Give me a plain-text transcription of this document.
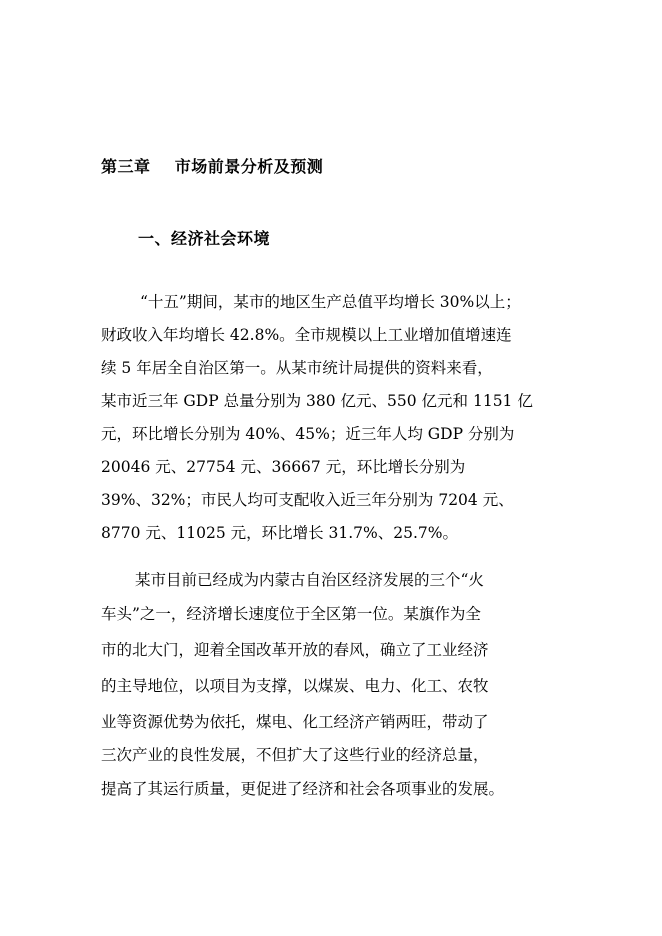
第三章    市场前景分析及预测
一、经济社会环境

“十五”期间，某市的地区生产总值平均增长 30%以上；

财政收入年均增长 42.8%。全市规模以上工业增加值增速连

续 5 年居全自治区第一。从某市统计局提供的资料来看，

某市近三年 GDP 总量分别为 380 亿元、550 亿元和 1151 亿

元，环比增长分别为 40%、45%；近三年人均 GDP 分别为

20046 元、27754 元、36667 元，环比增长分别为

39%、32%；市民人均可支配收入近三年分别为 7204 元、

8770 元、11025 元，环比增长 31.7%、25.7%。

某市目前已经成为内蒙古自治区经济发展的三个“火

车头”之一，经济增长速度位于全区第一位。某旗作为全

市的北大门，迎着全国改革开放的春风，确立了工业经济

的主导地位，以项目为支撑，以煤炭、电力、化工、农牧

业等资源优势为依托，煤电、化工经济产销两旺，带动了

三次产业的良性发展，不但扩大了这些行业的经济总量，

提高了其运行质量，更促进了经济和社会各项事业的发展。
